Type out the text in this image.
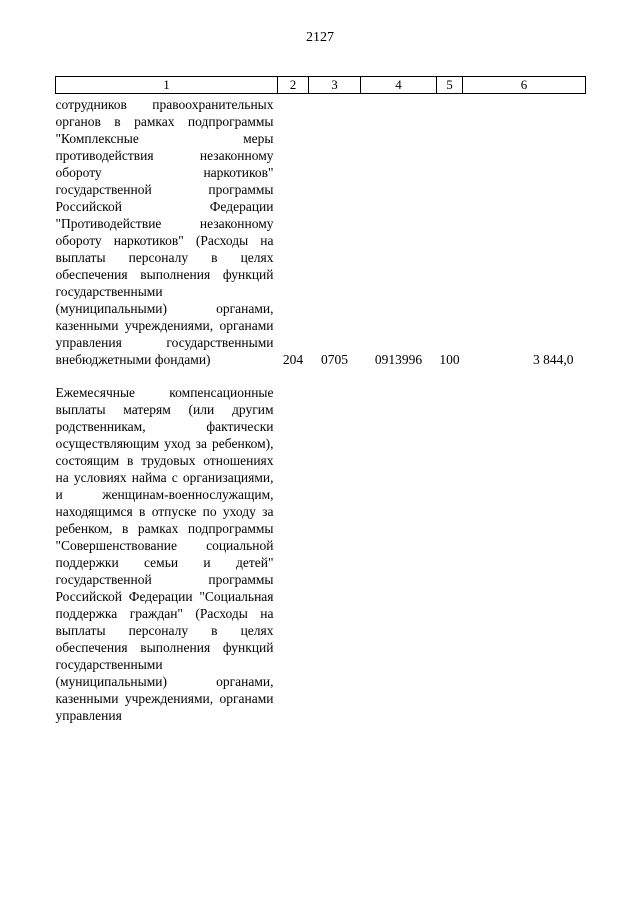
2127
1	2	3	4	5	6
сотрудников правоохранительных органов в рамках подпрограммы "Комплексные меры противодействия незаконному обороту наркотиков" государственной программы Российской Федерации "Противодействие незаконному обороту наркотиков" (Расходы на выплаты персоналу в целях обеспечения выполнения функций государственными (муниципальными) органами, казенными учреждениями, органами управления государственными внебюджетными фондами)	204	0705	0913996	100	3 844,0
Ежемесячные компенсационные выплаты матерям (или другим родственникам, фактически осуществляющим уход за ребенком), состоящим в трудовых отношениях на условиях найма с организациями, и женщинам-военнослужащим, находящимся в отпуске по уходу за ребенком, в рамках подпрограммы "Совершенствование социальной поддержки семьи и детей" государственной программы Российской Федерации "Социальная поддержка граждан" (Расходы на выплаты персоналу в целях обеспечения выполнения функций государственными (муниципальными) органами, казенными учреждениями, органами управления					
